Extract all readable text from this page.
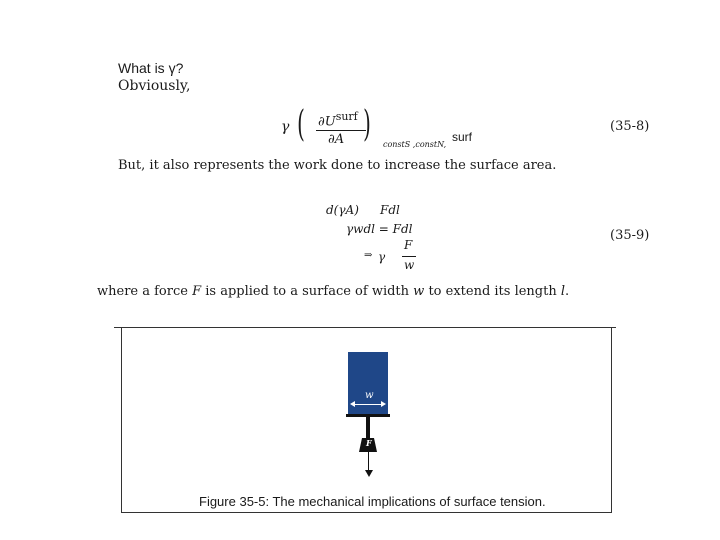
What is γ?
Obviously,
γ ( $\partial U^{surf}$
∂A ) constS ,constN,
surf
(35-8)
But, it also represents the work done to increase the surface area.
d(γA) Fdl
γwdl = Fdl
⇒ γ
F
w
(35-9)
where a force F is applied to a surface of width w to extend its length l.
w
F
Figure 35-5: The mechanical implications of surface tension.
